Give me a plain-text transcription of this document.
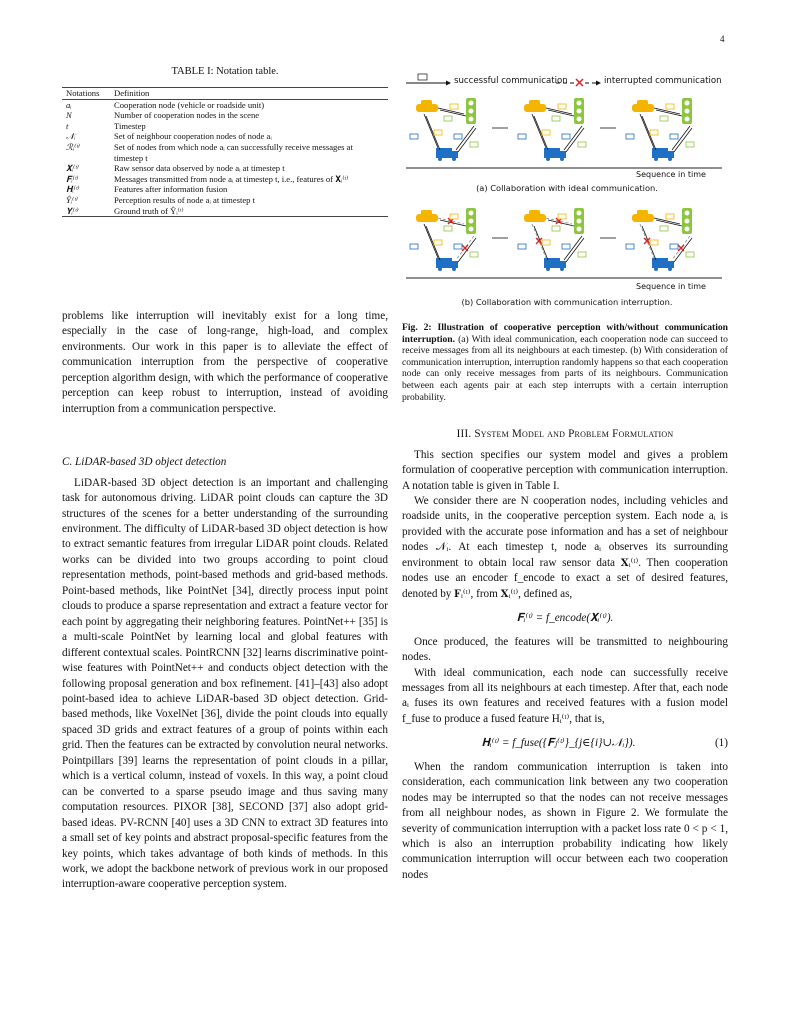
4
TABLE I: Notation table.
Notations	Definition
aᵢ	Cooperation node (vehicle or roadside unit)
N	Number of cooperation nodes in the scene
t	Timestep
𝒩ᵢ	Set of neighbour cooperation nodes of node aᵢ
ℛᵢ⁽ᵗ⁾	Set of nodes from which node aᵢ can successfully receive messages at timestep t
𝐗ᵢ⁽ᵗ⁾	Raw sensor data observed by node aᵢ at timestep t
𝐅ᵢ⁽ᵗ⁾	Messages transmitted from node aᵢ at timestep t, i.e., features of 𝐗ᵢ⁽ᵗ⁾
𝐇ᵢ⁽ᵗ⁾	Features after information fusion
Ŷᵢ⁽ᵗ⁾	Perception results of node aᵢ at timestep t
𝐘ᵢ⁽ᵗ⁾	Ground truth of Ŷᵢ⁽ᵗ⁾

problems like interruption will inevitably exist for a long time, especially in the case of long-range, high-load, and complex environments. Our work in this paper is to alleviate the effect of communication interruption from the perspective of cooperative perception algorithm design, with which the performance of cooperative perception can keep robust to interruption, instead of avoiding interruption from a communication perspective.

C. LiDAR-based 3D object detection

LiDAR-based 3D object detection is an important and challenging task for autonomous driving. LiDAR point clouds can capture the 3D structures of the scenes for a better understanding of the surrounding environment. The difficulty of LiDAR-based 3D object detection is how to extract semantic features from irregular LiDAR point clouds. Related works can be divided into two groups according to point cloud representation methods, point-based methods and grid-based methods. Point-based methods, like PointNet [34], directly process input point clouds to produce a sparse representation and extract a feature vector for each point by aggregating their neighboring features. PointNet++ [35] is a multi-scale PointNet by learning local and global features with different contextual scales. PointRCNN [32] learns discriminative point-wise features with PointNet++ and conducts object detection with the following proposal generation and box refinement. [41]–[43] also adopt point-based idea to achieve LiDAR-based 3D object detection. Grid-based methods, like VoxelNet [36], divide the point clouds into equally spaced 3D grids and extract features of a group of points within each grid. Then the features can be extracted by convolution neural networks. Pointpillars [39] learns the representation of point clouds in a pillar, which is a vertical column, instead of voxels. In this way, a point cloud can be converted to a sparse pseudo image and thus saving many computation resources. PIXOR [38], SECOND [37] also adopt grid-based ideas. PV-RCNN [40] uses a 3D CNN to extract 3D features into a small set of key points and abstract proposal-specific features from the key points, which takes advantage of both kinds of methods. In this work, we adopt the backbone network of previous work in our proposed interruption-aware cooperative perception system.

successful communication	interrupted communication
Sequence in time
(a) Collaboration with ideal communication.
Sequence in time
(b) Collaboration with communication interruption.
Fig. 2: Illustration of cooperative perception with/without communication interruption. (a) With ideal communication, each cooperation node can succeed to receive messages from all its neighbours at each timestep. (b) With consideration of communication interruption, interruption randomly happens so that each cooperation node can only receive messages from parts of its neighbours. Communication between each agents pair at each step interrupts with a certain interruption probability.
III. System Model and Problem Formulation

This section specifies our system model and gives a problem formulation of cooperative perception with communication interruption. A notation table is given in Table I.

We consider there are N cooperation nodes, including vehicles and roadside units, in the cooperative perception system. Each node aᵢ is provided with the accurate pose information and has a set of neighbour nodes 𝒩ᵢ. At each timestep t, node aᵢ observes its surrounding environment to obtain local raw sensor data 𝐗ᵢ⁽ᵗ⁾. Then cooperation nodes use an encoder f_encode to exact a set of desired features, denoted by 𝐅ᵢ⁽ᵗ⁾, from 𝐗ᵢ⁽ᵗ⁾, defined as,

𝐅ᵢ⁽ᵗ⁾ = f_encode(𝐗ᵢ⁽ᵗ⁾).

Once produced, the features will be transmitted to neighbouring nodes.

With ideal communication, each node can successfully receive messages from all its neighbours at each timestep. After that, each node aᵢ fuses its own features and received features with a fusion model f_fuse to produce a fused feature Hᵢ⁽ᵗ⁾, that is,

(1)
𝐇ᵢ⁽ᵗ⁾ = f_fuse({𝐅ⱼ⁽ᵗ⁾}_{j∈{i}∪𝒩ᵢ}).

When the random communication interruption is taken into consideration, each communication link between any two cooperation nodes may be interrupted so that the nodes can not receive messages from all neighbour nodes, as shown in Figure 2. We formulate the severity of communication interruption with a packet loss rate 0 < p < 1, which is also an interruption probability indicating how likely communication interruption will occur between each two cooperation nodes
